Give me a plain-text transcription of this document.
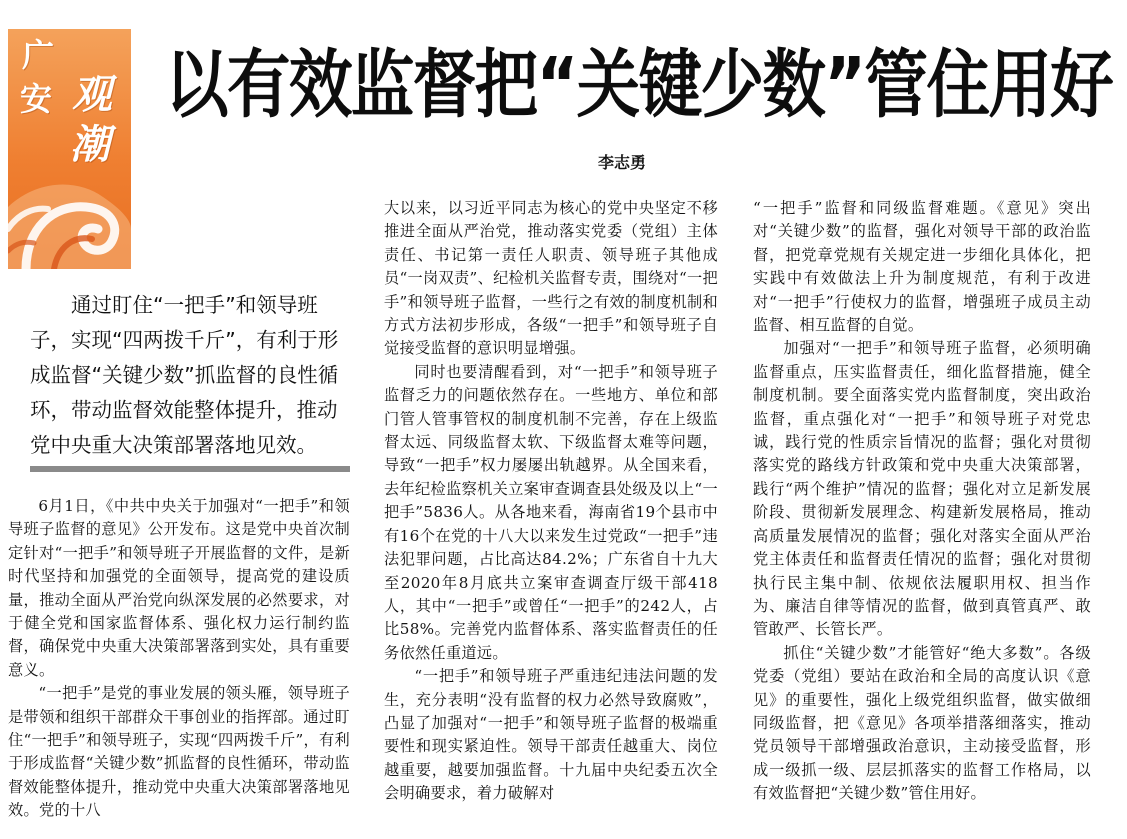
广
安 观
潮
以有效监督把“关键少数”管住用好
李志勇

通过盯住“一把手”和领导班子，实现“四两拨千斤”，有利于形成监督“关键少数”抓监督的良性循环，带动监督效能整体提升，推动党中央重大决策部署落地见效。

6月1日，《中共中央关于加强对“一把手”和领导班子监督的意见》公开发布。这是党中央首次制定针对“一把手”和领导班子开展监督的文件，是新时代坚持和加强党的全面领导，提高党的建设质量，推动全面从严治党向纵深发展的必然要求，对于健全党和国家监督体系、强化权力运行制约监督，确保党中央重大决策部署落到实处，具有重要意义。

“一把手”是党的事业发展的领头雁，领导班子是带领和组织干部群众干事创业的指挥部。通过盯住“一把手”和领导班子，实现“四两拨千斤”，有利于形成监督“关键少数”抓监督的良性循环，带动监督效能整体提升，推动党中央重大决策部署落地见效。党的十八

大以来，以习近平同志为核心的党中央坚定不移推进全面从严治党，推动落实党委（党组）主体责任、书记第一责任人职责、领导班子其他成员“一岗双责”、纪检机关监督专责，围绕对“一把手”和领导班子监督，一些行之有效的制度机制和方式方法初步形成，各级“一把手”和领导班子自觉接受监督的意识明显增强。

同时也要清醒看到，对“一把手”和领导班子监督乏力的问题依然存在。一些地方、单位和部门管人管事管权的制度机制不完善，存在上级监督太远、同级监督太软、下级监督太难等问题，导致“一把手”权力屡屡出轨越界。从全国来看，去年纪检监察机关立案审查调查县处级及以上“一把手”5836人。从各地来看，海南省19个县市中有16个在党的十八大以来发生过党政“一把手”违法犯罪问题，占比高达84.2%；广东省自十九大至2020年8月底共立案审查调查厅级干部418人，其中“一把手”或曾任“一把手”的242人，占比58%。完善党内监督体系、落实监督责任的任务依然任重道远。

“一把手”和领导班子严重违纪违法问题的发生，充分表明“没有监督的权力必然导致腐败”，凸显了加强对“一把手”和领导班子监督的极端重要性和现实紧迫性。领导干部责任越重大、岗位越重要，越要加强监督。十九届中央纪委五次全会明确要求，着力破解对

“一把手”监督和同级监督难题。《意见》突出对“关键少数”的监督，强化对领导干部的政治监督，把党章党规有关规定进一步细化具体化，把实践中有效做法上升为制度规范，有利于改进对“一把手”行使权力的监督，增强班子成员主动监督、相互监督的自觉。

加强对“一把手”和领导班子监督，必须明确监督重点，压实监督责任，细化监督措施，健全制度机制。要全面落实党内监督制度，突出政治监督，重点强化对“一把手”和领导班子对党忠诚，践行党的性质宗旨情况的监督；强化对贯彻落实党的路线方针政策和党中央重大决策部署，践行“两个维护”情况的监督；强化对立足新发展阶段、贯彻新发展理念、构建新发展格局，推动高质量发展情况的监督；强化对落实全面从严治党主体责任和监督责任情况的监督；强化对贯彻执行民主集中制、依规依法履职用权、担当作为、廉洁自律等情况的监督，做到真管真严、敢管敢严、长管长严。

抓住“关键少数”才能管好“绝大多数”。各级党委（党组）要站在政治和全局的高度认识《意见》的重要性，强化上级党组织监督，做实做细同级监督，把《意见》各项举措落细落实，推动党员领导干部增强政治意识，主动接受监督，形成一级抓一级、层层抓落实的监督工作格局，以有效监督把“关键少数”管住用好。
